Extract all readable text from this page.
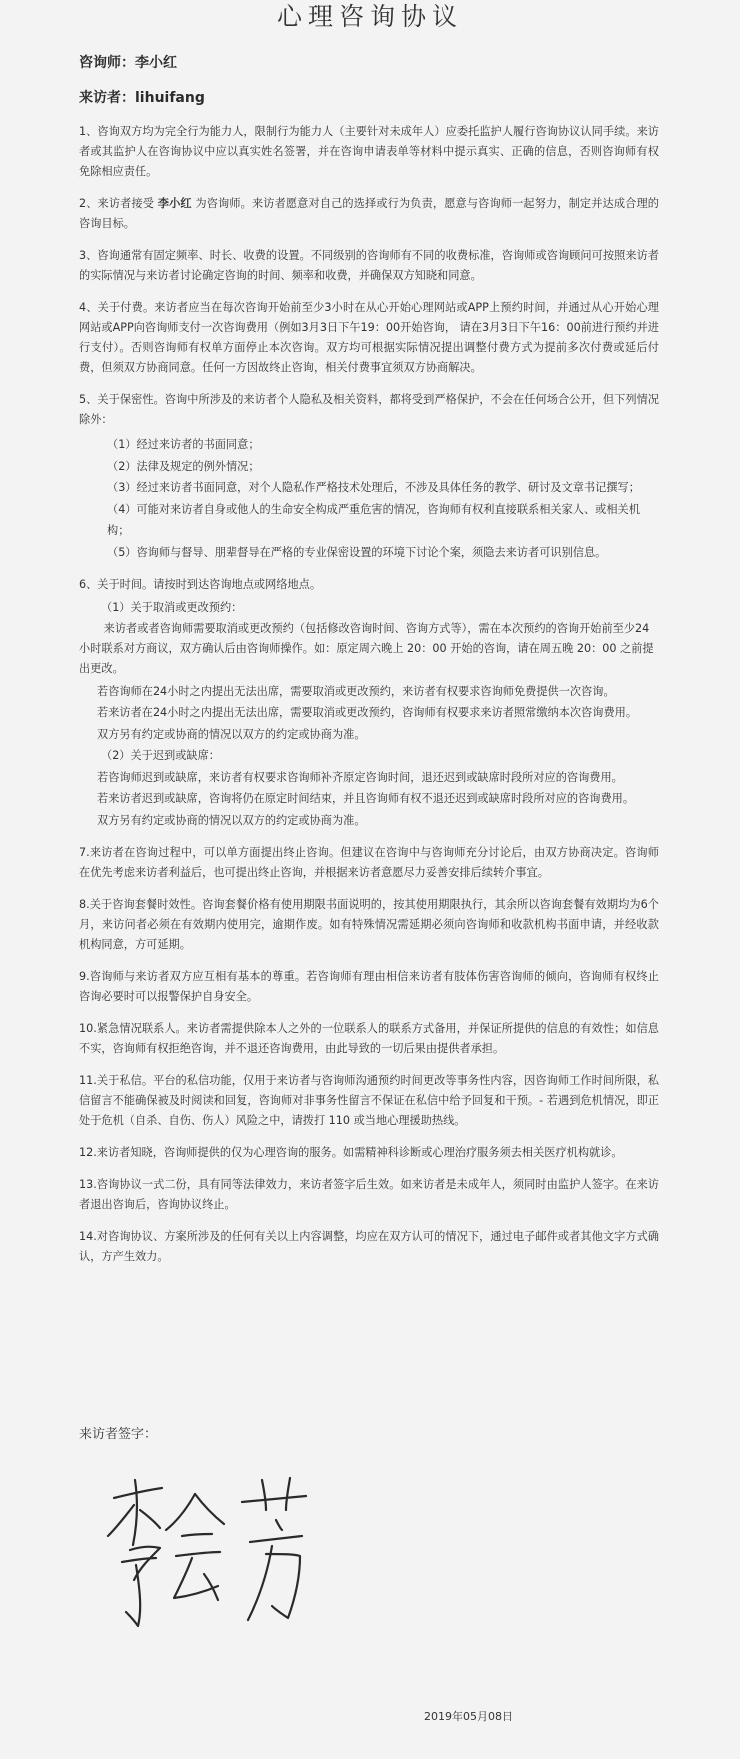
心理咨询协议
咨询师：李小红
来访者：lihuifang

1、咨询双方均为完全行为能力人，限制行为能力人（主要针对未成年人）应委托监护人履行咨询协议认同手续。来访者或其监护人在咨询协议中应以真实姓名签署，并在咨询申请表单等材料中提示真实、正确的信息，否则咨询师有权免除相应责任。

2、来访者接受 李小红 为咨询师。来访者愿意对自己的选择或行为负责，愿意与咨询师一起努力，制定并达成合理的咨询目标。

3、咨询通常有固定频率、时长、收费的设置。不同级别的咨询师有不同的收费标准，咨询师或咨询顾问可按照来访者的实际情况与来访者讨论确定咨询的时间、频率和收费，并确保双方知晓和同意。

4、关于付费。来访者应当在每次咨询开始前至少3小时在从心开始心理网站或APP上预约时间，并通过从心开始心理网站或APP向咨询师支付一次咨询费用（例如3月3日下午19：00开始咨询， 请在3月3日下午16：00前进行预约并进行支付）。否则咨询师有权单方面停止本次咨询。双方均可根据实际情况提出调整付费方式为提前多次付费或延后付费，但须双方协商同意。任何一方因故终止咨询，相关付费事宜须双方协商解决。

5、关于保密性。咨询中所涉及的来访者个人隐私及相关资料，都将受到严格保护，不会在任何场合公开，但下列情况除外：

（1）经过来访者的书面同意；

（2）法律及规定的例外情况；

（3）经过来访者书面同意，对个人隐私作严格技术处理后，不涉及具体任务的教学、研讨及文章书记撰写；

（4）可能对来访者自身或他人的生命安全构成严重危害的情况，咨询师有权利直接联系相关家人、或相关机构；

（5）咨询师与督导、朋辈督导在严格的专业保密设置的环境下讨论个案，须隐去来访者可识别信息。

6、关于时间。请按时到达咨询地点或网络地点。

（1）关于取消或更改预约：

来访者或者咨询师需要取消或更改预约（包括修改咨询时间、咨询方式等），需在本次预约的咨询开始前至少24小时联系对方商议，双方确认后由咨询师操作。如：原定周六晚上 20：00 开始的咨询，请在周五晚 20：00 之前提出更改。

若咨询师在24小时之内提出无法出席，需要取消或更改预约，来访者有权要求咨询师免费提供一次咨询。

若来访者在24小时之内提出无法出席，需要取消或更改预约，咨询师有权要求来访者照常缴纳本次咨询费用。

双方另有约定或协商的情况以双方的约定或协商为准。

（2）关于迟到或缺席：

若咨询师迟到或缺席，来访者有权要求咨询师补齐原定咨询时间，退还迟到或缺席时段所对应的咨询费用。

若来访者迟到或缺席，咨询将仍在原定时间结束，并且咨询师有权不退还迟到或缺席时段所对应的咨询费用。

双方另有约定或协商的情况以双方的约定或协商为准。

7.来访者在咨询过程中，可以单方面提出终止咨询。但建议在咨询中与咨询师充分讨论后，由双方协商决定。咨询师在优先考虑来访者利益后，也可提出终止咨询，并根据来访者意愿尽力妥善安排后续转介事宜。

8.关于咨询套餐时效性。咨询套餐价格有使用期限书面说明的，按其使用期限执行，其余所以咨询套餐有效期均为6个月，来访问者必须在有效期内使用完，逾期作废。如有特殊情况需延期必须向咨询师和收款机构书面申请，并经收款机构同意，方可延期。

9.咨询师与来访者双方应互相有基本的尊重。若咨询师有理由相信来访者有肢体伤害咨询师的倾向，咨询师有权终止咨询必要时可以报警保护自身安全。

10.紧急情况联系人。来访者需提供除本人之外的一位联系人的联系方式备用，并保证所提供的信息的有效性；如信息不实，咨询师有权拒绝咨询，并不退还咨询费用，由此导致的一切后果由提供者承担。

11.关于私信。平台的私信功能，仅用于来访者与咨询师沟通预约时间更改等事务性内容，因咨询师工作时间所限，私信留言不能确保被及时阅读和回复，咨询师对非事务性留言不保证在私信中给予回复和干预。- 若遇到危机情况，即正处于危机（自杀、自伤、伤人）风险之中，请拨打 110 或当地心理援助热线。

12.来访者知晓，咨询师提供的仅为心理咨询的服务。如需精神科诊断或心理治疗服务须去相关医疗机构就诊。

13.咨询协议一式二份，具有同等法律效力，来访者签字后生效。如来访者是未成年人，须同时由监护人签字。在来访者退出咨询后，咨询协议终止。

14.对咨询协议、方案所涉及的任何有关以上内容调整，均应在双方认可的情况下，通过电子邮件或者其他文字方式确认，方产生效力。

来访者签字：
2019年05月08日
